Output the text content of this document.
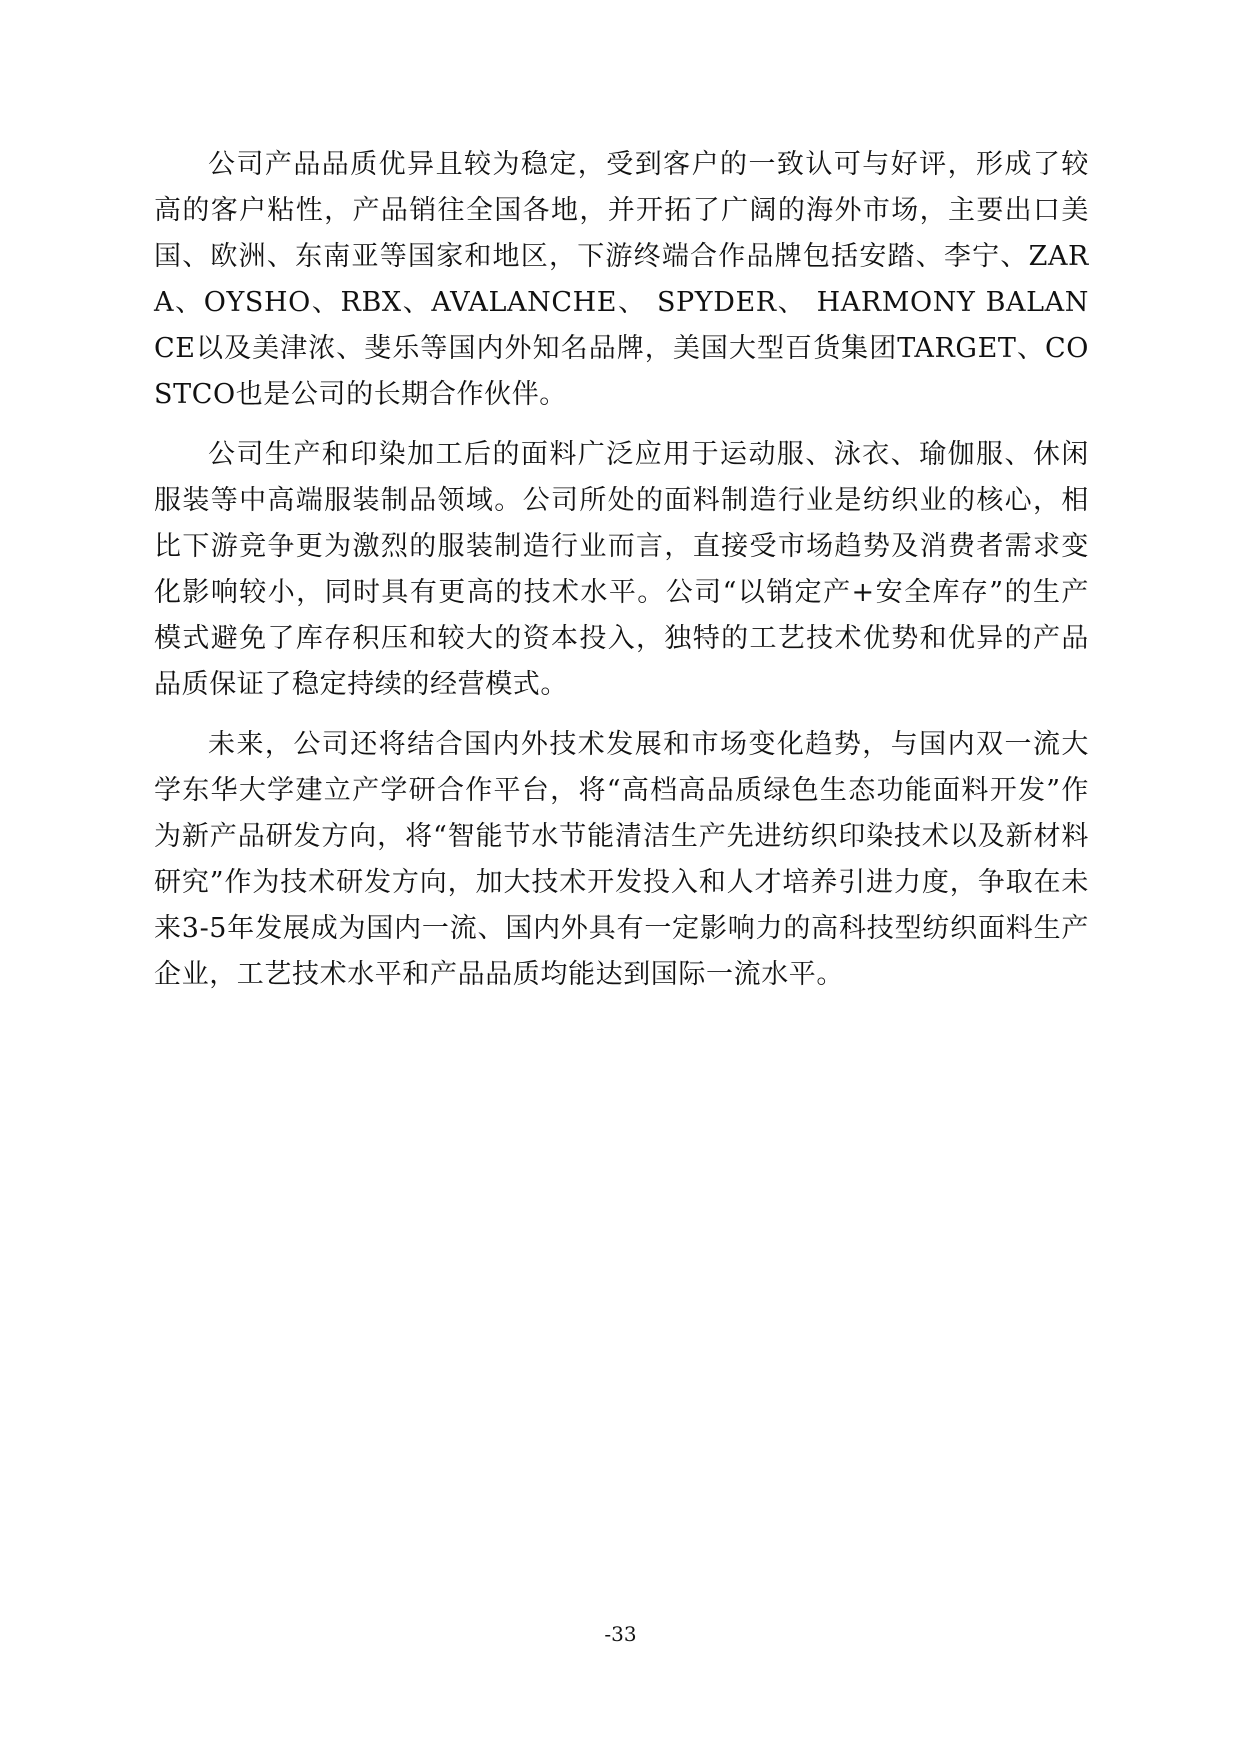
公司产品品质优异且较为稳定，受到客户的一致认可与好评，形成了较高的客户粘性，产品销往全国各地，并开拓了广阔的海外市场，主要出口美国、欧洲、东南亚等国家和地区，下游终端合作品牌包括安踏、李宁、ZARA、OYSHO、RBX、AVALANCHE、 SPYDER、 HARMONY BALANCE以及美津浓、斐乐等国内外知名品牌，美国大型百货集团TARGET、COSTCO也是公司的长期合作伙伴。

公司生产和印染加工后的面料广泛应用于运动服、泳衣、瑜伽服、休闲服装等中高端服装制品领域。公司所处的面料制造行业是纺织业的核心，相比下游竞争更为激烈的服装制造行业而言，直接受市场趋势及消费者需求变化影响较小，同时具有更高的技术水平。公司“以销定产+安全库存”的生产模式避免了库存积压和较大的资本投入，独特的工艺技术优势和优异的产品品质保证了稳定持续的经营模式。

未来，公司还将结合国内外技术发展和市场变化趋势，与国内双一流大学东华大学建立产学研合作平台，将“高档高品质绿色生态功能面料开发”作为新产品研发方向，将“智能节水节能清洁生产先进纺织印染技术以及新材料研究”作为技术研发方向，加大技术开发投入和人才培养引进力度，争取在未来3-5年发展成为国内一流、国内外具有一定影响力的高科技型纺织面料生产企业，工艺技术水平和产品品质均能达到国际一流水平。

-33
